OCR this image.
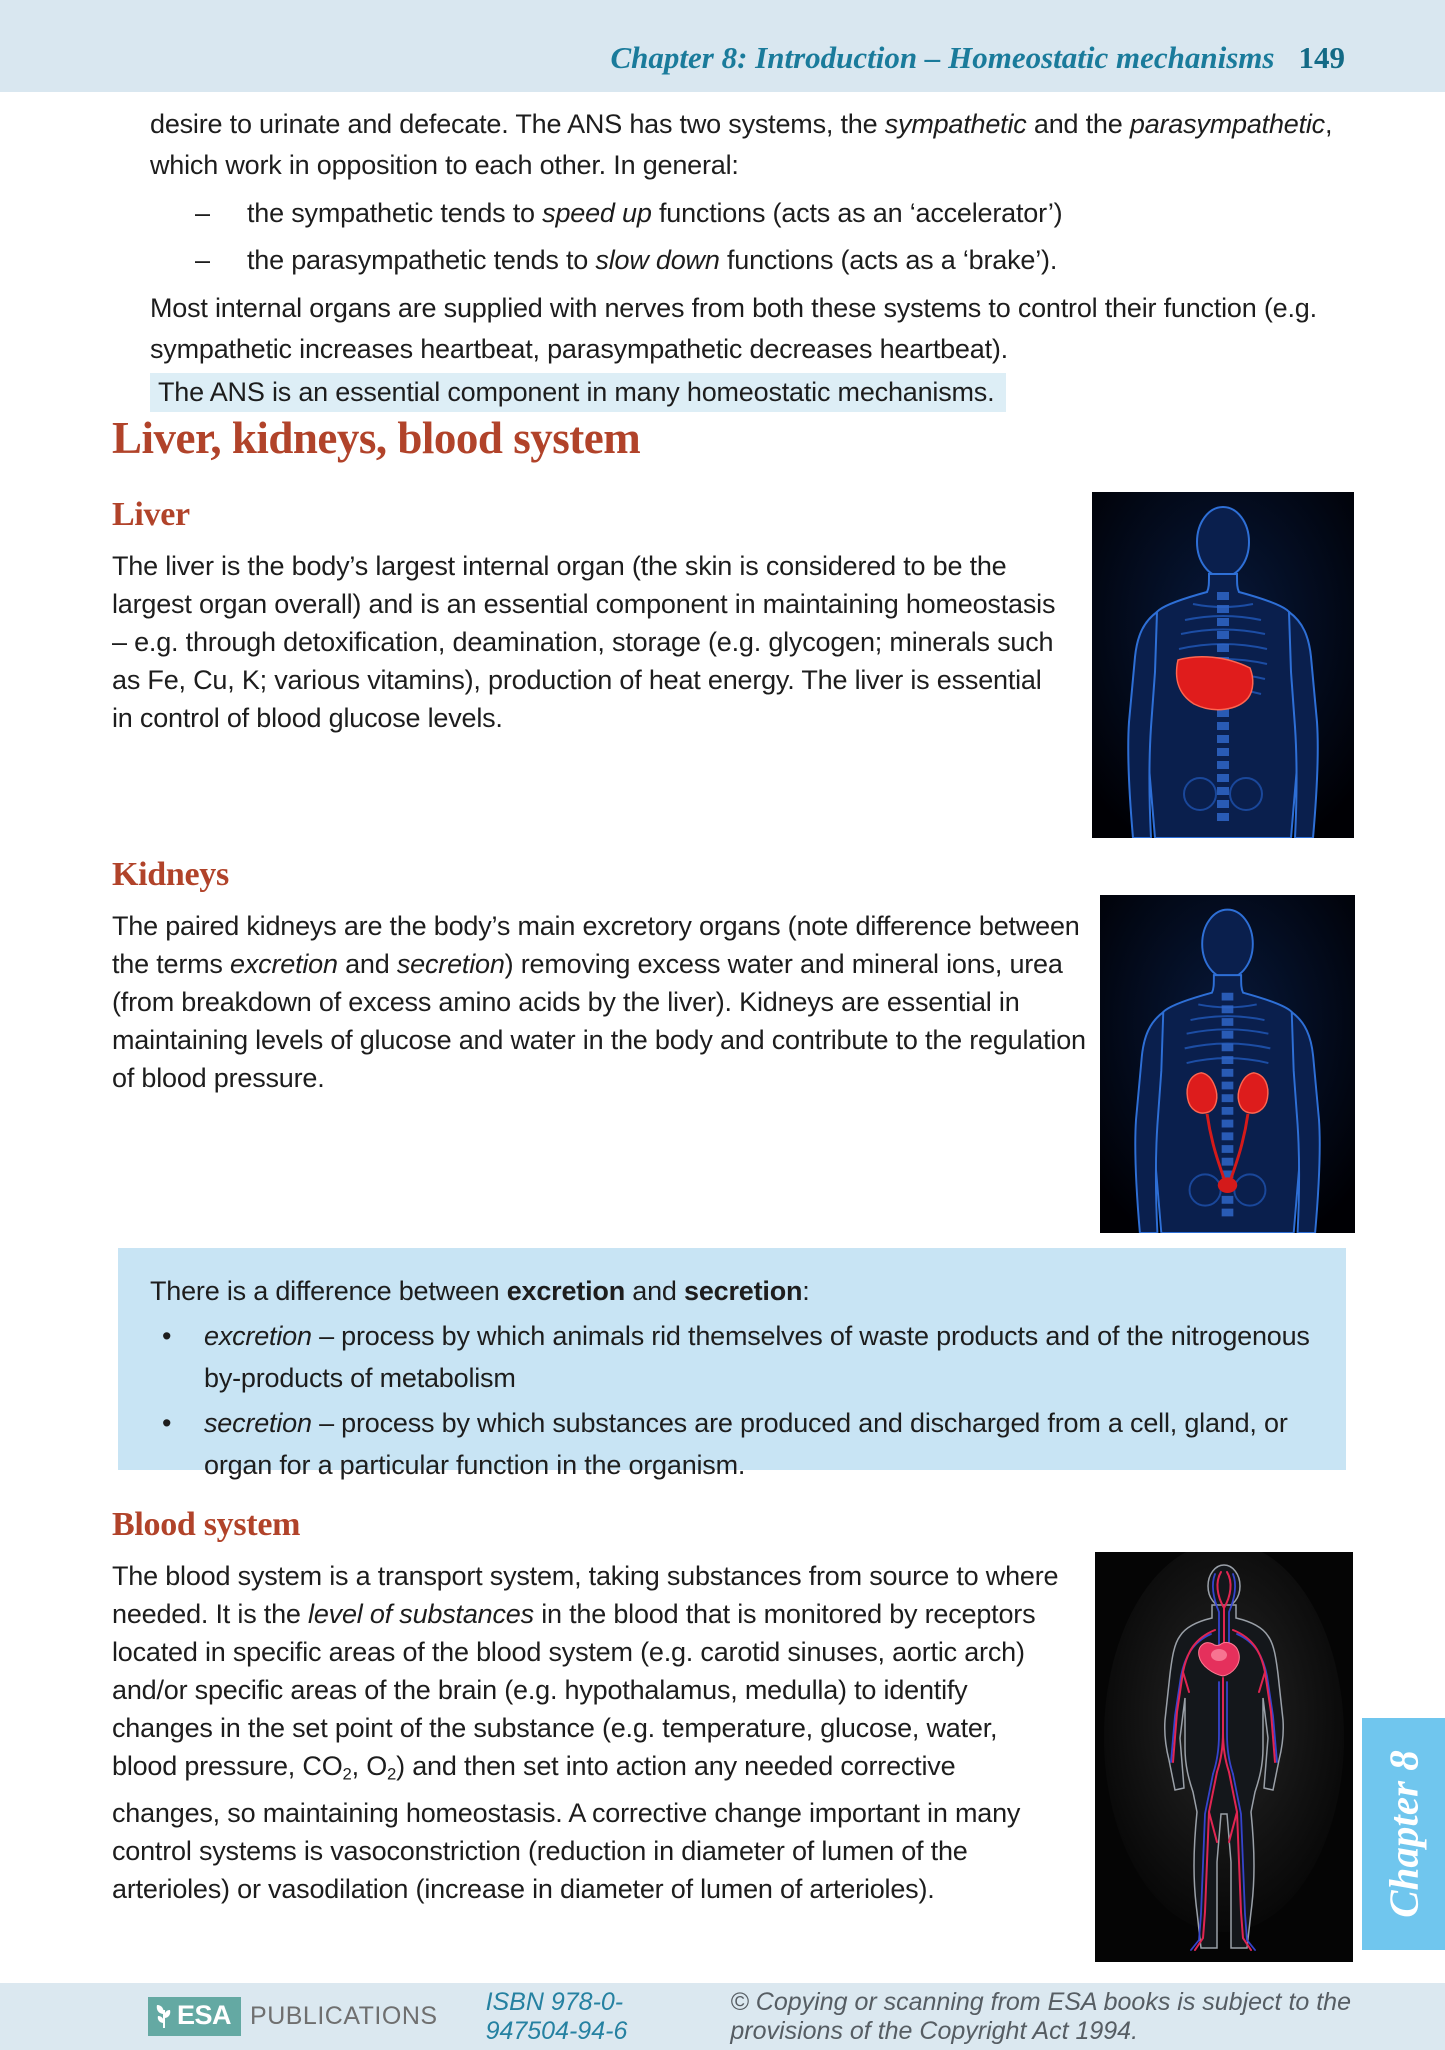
Chapter 8: Introduction – Homeostatic mechanisms 149

desire to urinate and defecate. The ANS has two systems, the sympathetic and the parasympathetic, which work in opposition to each other. In general:

–	the sympathetic tends to speed up functions (acts as an ‘accelerator’)
–	the parasympathetic tends to slow down functions (acts as a ‘brake’).

Most internal organs are supplied with nerves from both these systems to control their function (e.g. sympathetic increases heartbeat, parasympathetic decreases heartbeat).

The ANS is an essential component in many homeostatic mechanisms.

Liver, kidneys, blood system
Liver

The liver is the body’s largest internal organ (the skin is considered to be the largest organ overall) and is an essential component in maintaining homeostasis – e.g. through detoxification, deamination, storage (e.g. glycogen; minerals such as Fe, Cu, K; various vitamins), production of heat energy. The liver is essential in control of blood glucose levels.

Kidneys

The paired kidneys are the body’s main excretory organs (note difference between the terms excretion and secretion) removing excess water and mineral ions, urea (from breakdown of excess amino acids by the liver). Kidneys are essential in maintaining levels of glucose and water in the body and contribute to the regulation of blood pressure.

There is a difference between excretion and secretion:

•	excretion – process by which animals rid themselves of waste products and of the nitrogenous by-products of metabolism
•	secretion – process by which substances are produced and discharged from a cell, gland, or organ for a particular function in the organism.
Blood system

The blood system is a transport system, taking substances from source to where needed. It is the level of substances in the blood that is monitored by receptors located in specific areas of the blood system (e.g. carotid sinuses, aortic arch) and/or specific areas of the brain (e.g. hypothalamus, medulla) to identify changes in the set point of the substance (e.g. temperature, glucose, water, blood pressure, $CO_2$, $O_2$) and then set into action any needed corrective changes, so maintaining homeostasis. A corrective change important in many control systems is vasoconstriction (reduction in diameter of lumen of the arterioles) or vasodilation (increase in diameter of lumen of arterioles).	Chapter 8
ESA PUBLICATIONS
ISBN 978-0-947504-94-6
© Copying or scanning from ESA books is subject to the provisions of the Copyright Act 1994.
